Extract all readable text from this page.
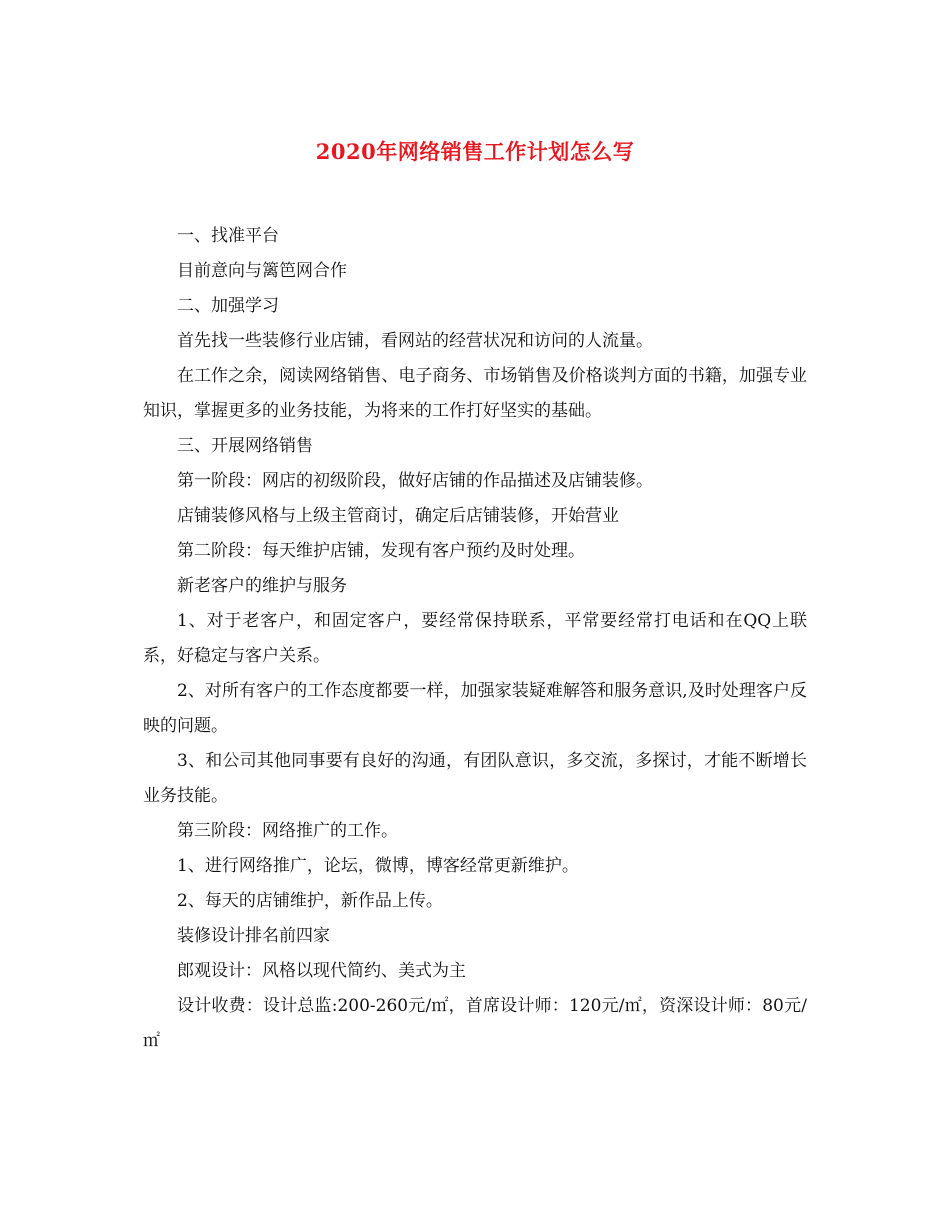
2020年网络销售工作计划怎么写

一、找准平台

目前意向与篱笆网合作

二、加强学习

首先找一些装修行业店铺，看网站的经营状况和访问的人流量。

在工作之余，阅读网络销售、电子商务、市场销售及价格谈判方面的书籍，加强专业知识，掌握更多的业务技能，为将来的工作打好坚实的基础。

三、开展网络销售

第一阶段：网店的初级阶段，做好店铺的作品描述及店铺装修。

店铺装修风格与上级主管商讨，确定后店铺装修，开始营业

第二阶段：每天维护店铺，发现有客户预约及时处理。

新老客户的维护与服务

1、对于老客户，和固定客户，要经常保持联系，平常要经常打电话和在QQ上联系，好稳定与客户关系。

2、对所有客户的工作态度都要一样，加强家装疑难解答和服务意识,及时处理客户反映的问题。

3、和公司其他同事要有良好的沟通，有团队意识，多交流，多探讨，才能不断增长业务技能。

第三阶段：网络推广的工作。

1、进行网络推广，论坛，微博，博客经常更新维护。

2、每天的店铺维护，新作品上传。

装修设计排名前四家

郎观设计：风格以现代简约、美式为主

设计收费：设计总监:200-260元/㎡，首席设计师：120元/㎡，资深设计师：80元/㎡
